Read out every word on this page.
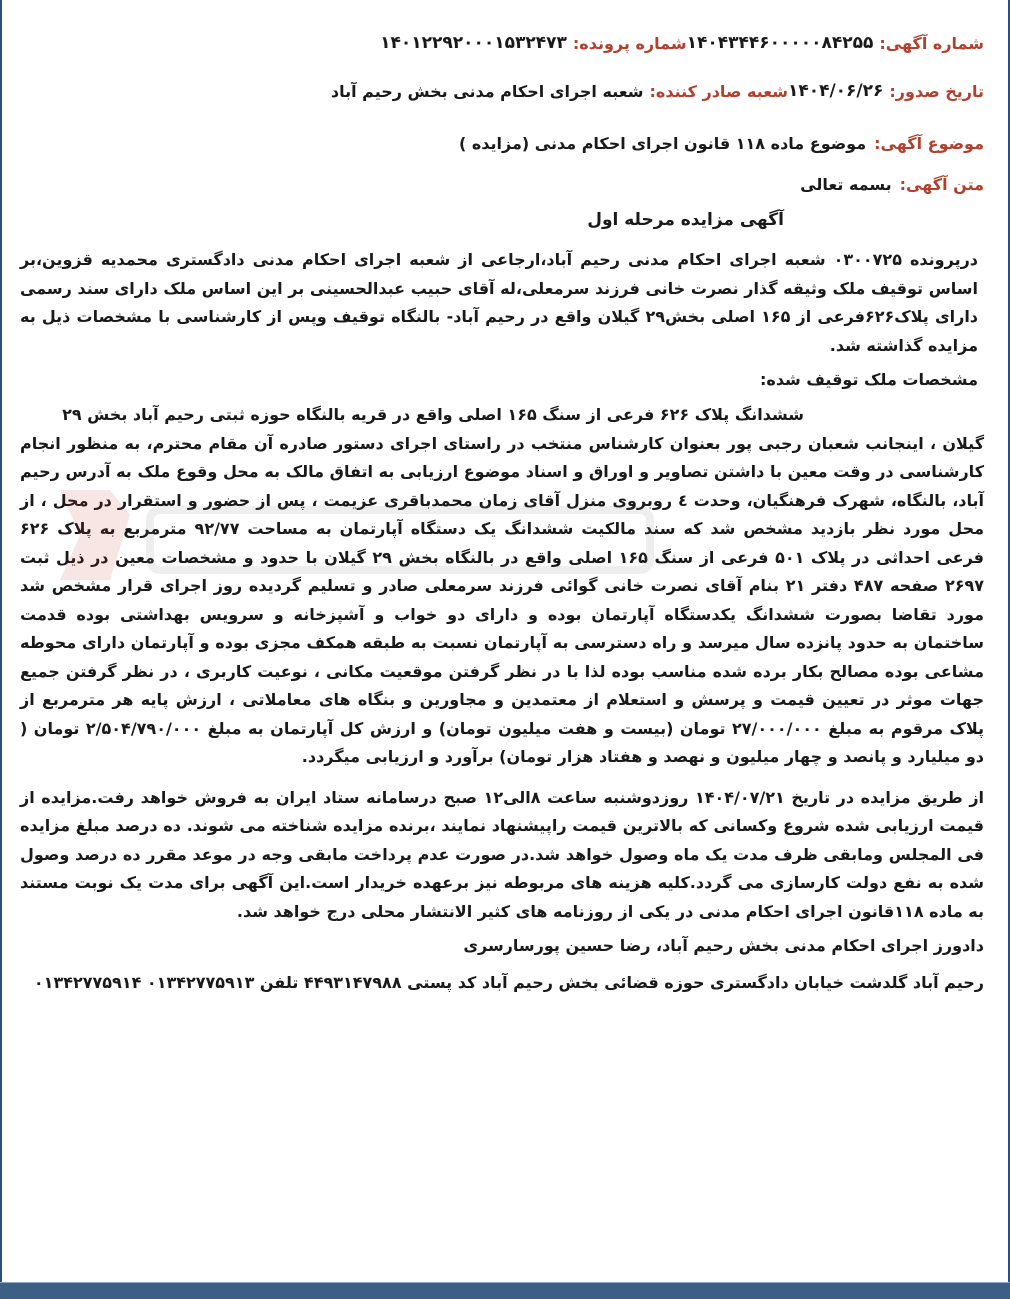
شماره آگهی:
۱۴۰۴۳۴۴۶۰۰۰۰۰۸۴۲۵۵
شماره پرونده:
۱۴۰۱۲۲۹۲۰۰۰۱۵۳۲۴۷۳
تاریخ صدور:
۱۴۰۴/۰۶/۲۶
شعبه صادر کننده:
شعبه اجرای احکام مدنی بخش رحیم آباد
موضوع آگهی:
موضوع ماده ۱۱۸ قانون اجرای احکام مدنی (مزایده )
متن آگهی:
بسمه تعالی
آگهی مزایده مرحله اول

درپرونده ۰۳۰۰۷۲۵ شعبه اجرای احکام مدنی رحیم آباد،ارجاعی از شعبه اجرای احکام مدنی دادگستری محمدیه قزوین،بر اساس توقیف ملک وثیقه گذار نصرت خانی فرزند سرمعلی،له آقای حبیب عبدالحسینی بر این اساس ملک دارای سند رسمی دارای پلاک۶۲۶فرعی از ۱۶۵ اصلی بخش۲۹ گیلان واقع در رحیم آباد- بالنگاه توقیف وپس از کارشناسی با مشخصات ذیل به مزایده گذاشته شد.

مشخصات ملک توقیف شده:
ششدانگ پلاک ۶۲۶ فرعی از سنگ ۱۶۵ اصلی واقع در قریه بالنگاه حوزه ثبتی رحیم آباد بخش ۲۹
گیلان ، اینجانب شعبان رجبی پور بعنوان کارشناس منتخب در راستای اجرای دستور صادره آن مقام محترم، به منظور انجام کارشناسی در وقت معین با داشتن تصاویر و اوراق و اسناد موضوع ارزیابی به اتفاق مالک به محل وقوع ملک به آدرس رحیم آباد، بالنگاه، شهرک فرهنگیان، وحدت ٤ روبروی منزل آقای زمان محمدباقری عزیمت ، پس از حضور و استقرار در محل ، از محل مورد نظر بازدید مشخص شد که سند مالکیت ششدانگ یک دستگاه آپارتمان به مساحت ۹۲/۷۷ مترمربع به پلاک ۶۲۶ فرعی احداثی در پلاک ۵۰۱ فرعی از سنگ ۱۶۵ اصلی واقع در بالنگاه بخش ۲۹ گیلان با حدود و مشخصات معین در ذیل ثبت ۲۶۹۷ صفحه ۴۸۷ دفتر ۲۱ بنام آقای نصرت خانی گوائی فرزند سرمعلی صادر و تسلیم گردیده روز اجرای قرار مشخص شد مورد تقاضا بصورت ششدانگ یکدستگاه آپارتمان بوده و دارای دو خواب و آشپزخانه و سرویس بهداشتی بوده قدمت ساختمان به حدود پانزده سال میرسد و راه دسترسی به آپارتمان نسبت به طبقه همکف مجزی بوده و آپارتمان دارای محوطه مشاعی بوده مصالح بکار برده شده مناسب بوده لذا با در نظر گرفتن موقعیت مکانی ، نوعیت کاربری ، در نظر گرفتن جمیع جهات موثر در تعیین قیمت و پرسش و استعلام از معتمدین و مجاورین و بنگاه های معاملاتی ، ارزش پایه هر مترمربع از پلاک مرقوم به مبلغ ۲۷/۰۰۰/۰۰۰ تومان (بیست و هفت میلیون تومان) و ارزش کل آپارتمان به مبلغ ۲/۵۰۴/۷۹۰/۰۰۰ تومان ( دو میلیارد و پانصد و چهار میلیون و نهصد و هفتاد هزار تومان) برآورد و ارزیابی میگردد.

از طریق مزایده در تاریخ ۱۴۰۴/۰۷/۲۱ روزدوشنبه ساعت ۸الی۱۲ صبح درسامانه ستاد ایران به فروش خواهد رفت.مزایده از قیمت ارزیابی شده شروع وکسانی که بالاترین قیمت راپیشنهاد نمایند ،برنده مزایده شناخته می شوند. ده درصد مبلغ مزایده فی المجلس ومابقی ظرف مدت یک ماه وصول خواهد شد.در صورت عدم پرداخت مابقی وجه در موعد مقرر ده درصد وصول شده به نفع دولت کارسازی می گردد.کلیه هزینه های مربوطه نیز برعهده خریدار است.این آگهی برای مدت یک نوبت مستند به ماده ۱۱۸قانون اجرای احکام مدنی در یکی از روزنامه های کثیر الانتشار محلی درج خواهد شد.

دادورز اجرای احکام مدنی بخش رحیم آباد، رضا حسین پورسارسری
رحیم آباد گلدشت خیابان دادگستری حوزه قضائی بخش رحیم آباد کد پستی ۴۴۹۳۱۴۷۹۸۸ تلفن ۰۱۳۴۲۷۷۵۹۱۳ ۰۱۳۴۲۷۷۵۹۱۴
